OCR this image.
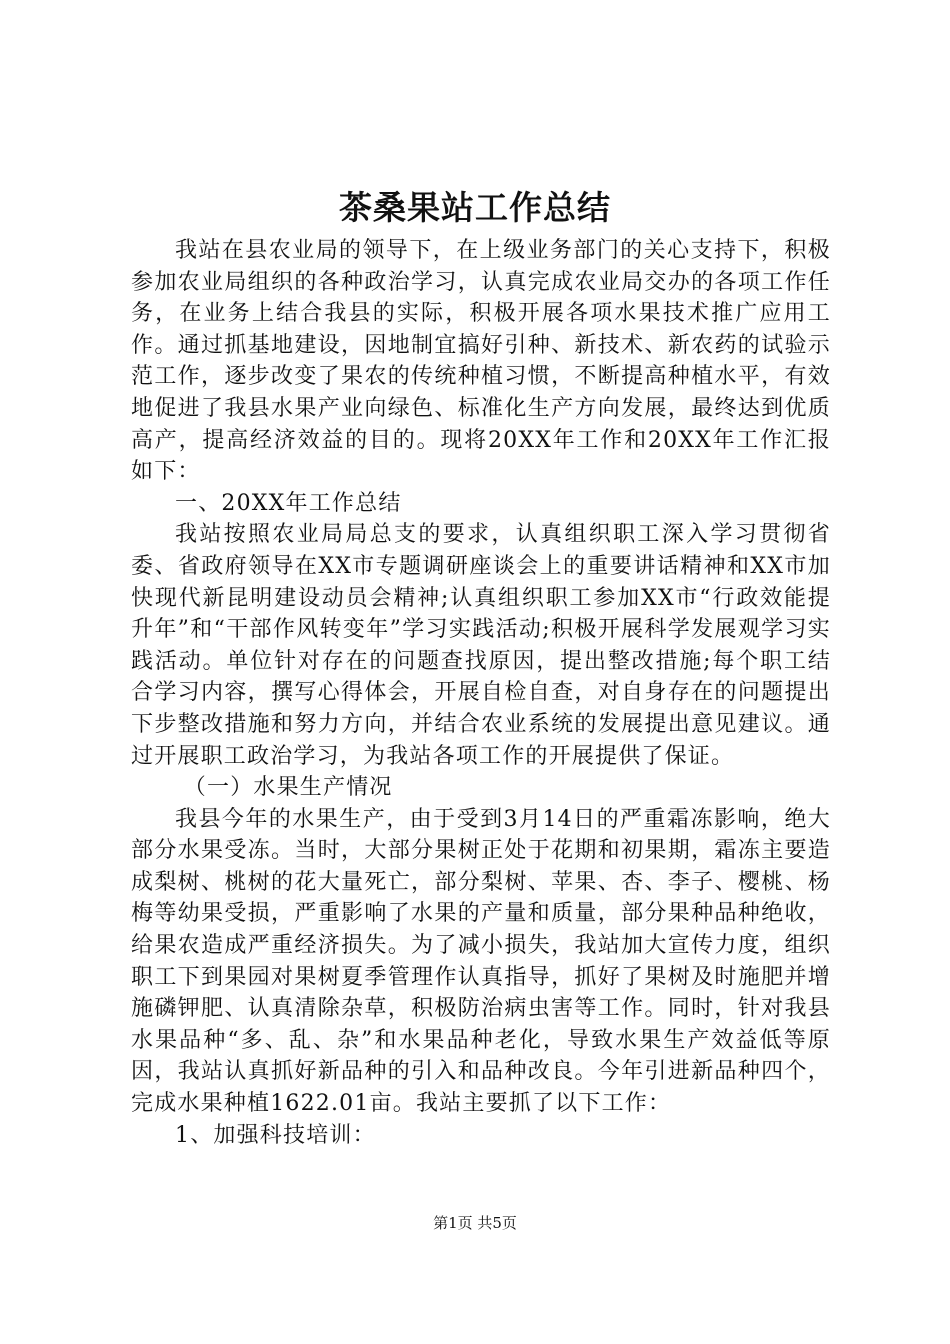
茶桑果站工作总结

我站在县农业局的领导下，在上级业务部门的关心支持下，积极参加农业局组织的各种政治学习，认真完成农业局交办的各项工作任务，在业务上结合我县的实际，积极开展各项水果技术推广应用工作。通过抓基地建设，因地制宜搞好引种、新技术、新农药的试验示范工作，逐步改变了果农的传统种植习惯，不断提高种植水平，有效地促进了我县水果产业向绿色、标准化生产方向发展，最终达到优质高产，提高经济效益的目的。现将20XX年工作和20XX年工作汇报如下：

一、20XX年工作总结

我站按照农业局局总支的要求，认真组织职工深入学习贯彻省委、省政府领导在XX市专题调研座谈会上的重要讲话精神和XX市加快现代新昆明建设动员会精神;认真组织职工参加XX市“行政效能提升年”和“干部作风转变年”学习实践活动;积极开展科学发展观学习实践活动。单位针对存在的问题查找原因，提出整改措施;每个职工结合学习内容，撰写心得体会，开展自检自查，对自身存在的问题提出下步整改措施和努力方向，并结合农业系统的发展提出意见建议。通过开展职工政治学习，为我站各项工作的开展提供了保证。

（一）水果生产情况

我县今年的水果生产，由于受到3月14日的严重霜冻影响，绝大部分水果受冻。当时，大部分果树正处于花期和初果期，霜冻主要造成梨树、桃树的花大量死亡，部分梨树、苹果、杏、李子、樱桃、杨梅等幼果受损，严重影响了水果的产量和质量，部分果种品种绝收，给果农造成严重经济损失。为了减小损失，我站加大宣传力度，组织职工下到果园对果树夏季管理作认真指导，抓好了果树及时施肥并增施磷钾肥、认真清除杂草，积极防治病虫害等工作。同时，针对我县水果品种“多、乱、杂”和水果品种老化，导致水果生产效益低等原因，我站认真抓好新品种的引入和品种改良。今年引进新品种四个，完成水果种植1622.01亩。我站主要抓了以下工作：

1、加强科技培训：

第1页 共5页
